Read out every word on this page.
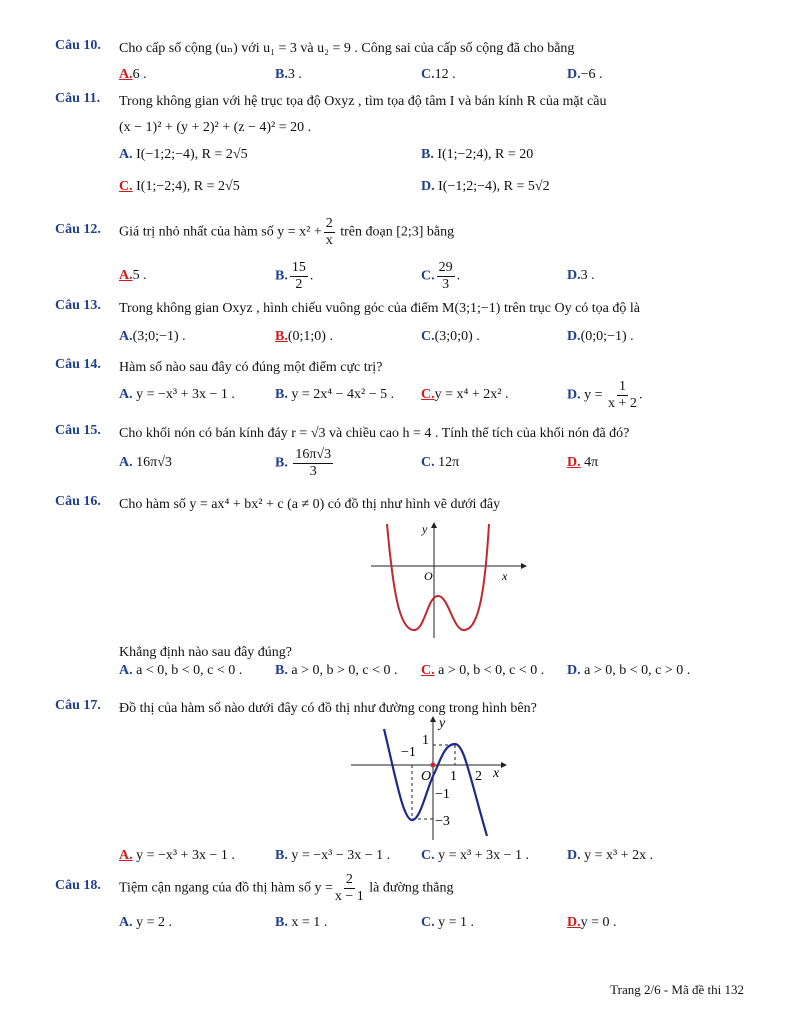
Câu 10. Cho cấp số cộng (uₙ) với u₁ = 3 và u₂ = 9 . Công sai của cấp số cộng đã cho bằng
A.6 .	B.3 .	C.12 .	D.−6 .
Câu 11. Trong không gian với hệ trục tọa độ Oxyz , tìm tọa độ tâm I và bán kính R của mặt cầu
(x − 1)² + (y + 2)² + (z − 4)² = 20 .
A. I(−1;2;−4), R = 2√5	B. I(1;−2;4), R = 20
C. I(1;−2;4), R = 2√5	D. I(−1;2;−4), R = 5√2
Câu 12. Giá trị nhỏ nhất của hàm số $y = x^2 + \frac{2}{x}$ trên đoạn [2;3] bằng
A.5 .	B. $\frac{15}{2}$ .	C. $\frac{29}{3}$ .	D.3 .
Câu 13. Trong không gian Oxyz , hình chiếu vuông góc của điểm M(3;1;−1) trên trục Oy có tọa độ là
A.(3;0;−1) .	B.(0;1;0) .	C.(3;0;0) .	D.(0;0;−1) .
Câu 14. Hàm số nào sau đây có đúng một điểm cực trị?
A. y = −x³ + 3x − 1 .	B. y = 2x⁴ − 4x² − 5 . C.y = x⁴ + 2x² .	D. $y = \frac{1}{x + 2}$ .
Câu 15. Cho khối nón có bán kính đáy r = √3 và chiều cao h = 4 . Tính thể tích của khối nón đã đó?
A. 16π√3	B. $\frac{16\pi√3}{3}$	C. 12π	D. 4π
Câu 16. Cho hàm số y = ax⁴ + bx² + c (a ≠ 0) có đồ thị như hình vẽ dưới đây
y
O	x
Khẳng định nào sau đây đúng?
A. a < 0, b < 0, c < 0 . B. a > 0, b > 0, c < 0 . C. a > 0, b < 0, c < 0 . D. a > 0, b < 0, c > 0 .
Câu 17. Đồ thị của hàm số nào dưới đây có đồ thị như đường cong trong hình bên?
y
1
−1
O 1 2 x
−1
−3
A. y = −x³ + 3x − 1 .	B. y = −x³ − 3x − 1 . C. y = x³ + 3x − 1 .	D. y = x³ + 2x .
Câu 18. Tiệm cận ngang của đồ thị hàm số $y = \frac{2}{x - 1}$ là đường thẳng
A. y = 2 .	B. x = 1 .	C. y = 1 .	D.y = 0 .
Trang 2/6 - Mã đề thi 132
